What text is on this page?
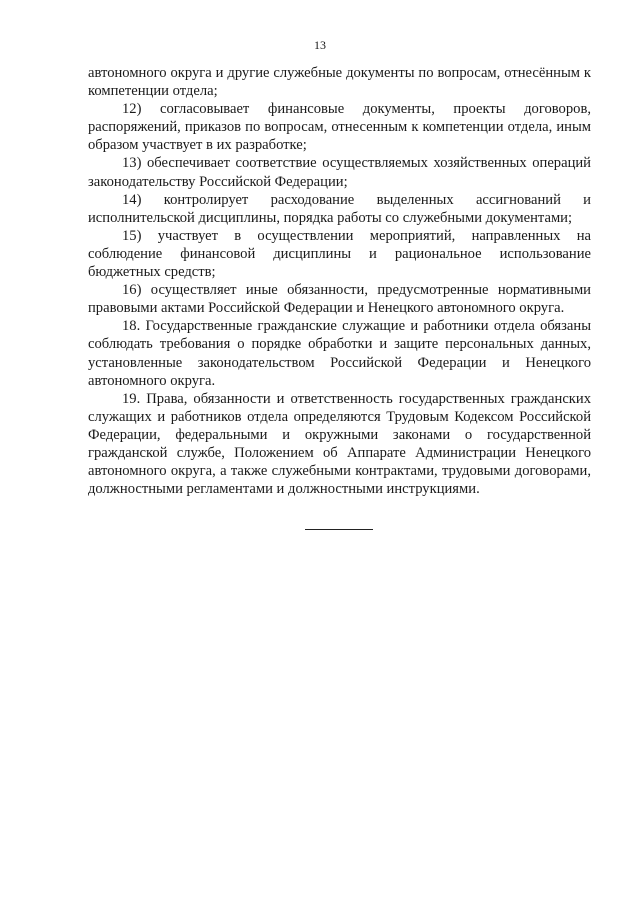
13

автономного округа и другие служебные документы по вопросам, отнесённым к компетенции отдела;

12) согласовывает финансовые документы, проекты договоров, распоряжений, приказов по вопросам, отнесенным к компетенции отдела, иным образом участвует в их разработке;

13) обеспечивает соответствие осуществляемых хозяйственных операций законодательству Российской Федерации;

14) контролирует расходование выделенных ассигнований и исполнительской дисциплины, порядка работы со служебными документами;

15) участвует в осуществлении мероприятий, направленных на соблюдение финансовой дисциплины и рациональное использование бюджетных средств;

16) осуществляет иные обязанности, предусмотренные нормативными правовыми актами Российской Федерации и Ненецкого автономного округа.

18. Государственные гражданские служащие и работники отдела обязаны соблюдать требования о порядке обработки и защите персональных данных, установленные законодательством Российской Федерации и Ненецкого автономного округа.

19. Права, обязанности и ответственность государственных гражданских служащих и работников отдела определяются Трудовым Кодексом Российской Федерации, федеральными и окружными законами о государственной гражданской службе, Положением об Аппарате Администрации Ненецкого автономного округа, а также служебными контрактами, трудовыми договорами, должностными регламентами и должностными инструкциями.
